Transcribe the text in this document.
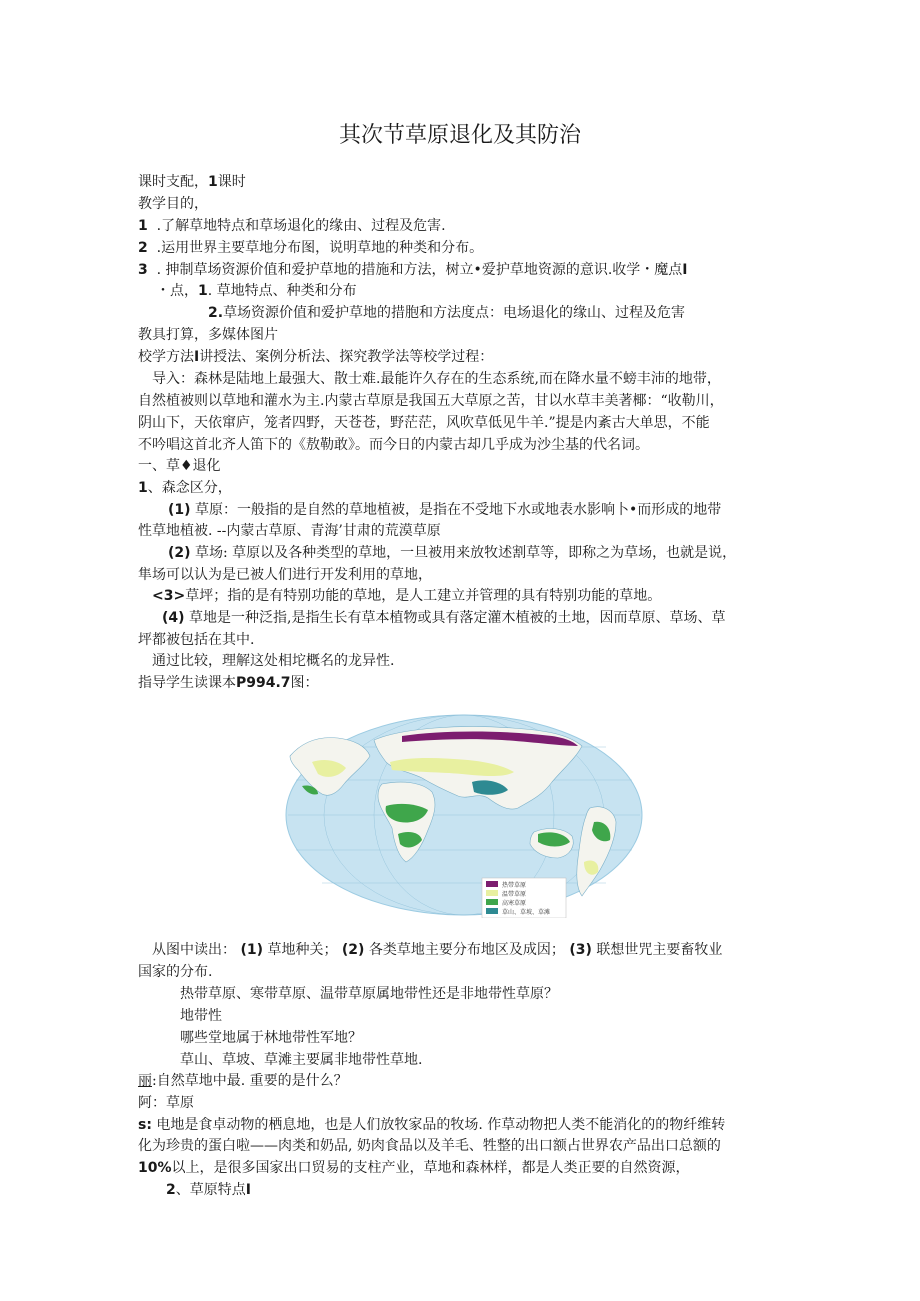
其次节草原退化及其防治
课时支配，1课时
教学目的，
1 .了解草地特点和草场退化的缘由、过程及危害.
2 .运用世界主要草地分布图，说明草地的种类和分布。
3 . 抻制草场资源价值和爱护草地的措施和方法，树立•爱护草地资源的意识.收学・魔点I
・点，1. 草地特点、种类和分布
2.草场资源价值和爱护草地的措胞和方法度点：电场退化的缘山、过程及危害
教具打算，多媒体图片
校学方法I讲授法、案例分析法、探究教学法等校学过程：
导入：森林是陆地上最强大、散士难.最能许久存在的生态系统,而在降水量不螃丰沛的地带，
自然植被则以草地和灌水为主.内蒙古草原是我国五大草原之苦，甘以水草丰美著椰：“收勒川，
阴山下，天依窜庐，笼者四野，天苍苍，野茫茫，风吹草低见牛羊.”提是内紊古大单思，不能
不吟唱这首北齐人笛下的《敖勒敢》。而今日的内蒙古却几乎成为沙尘基的代名词。
一、草♦退化
1、森念区分，
(1) 草原：一般指的是自然的草地植被，是指在不受地下水或地表水影响卜•而形成的地带
性草地植被. --内蒙古草原、青海’甘肃的荒漠草原
(2) 草场: 草原以及各种类型的草地，一旦被用来放牧述割草等，即称之为草场，也就是说，
隼场可以认为是已被人们进行开发利用的草地，
<3>草坪；指的是有特别功能的草地，是人工建立并管理的具有特别功能的草地。
(4) 草地是一种泛指,是指生长有草本植物或具有落定灌木植被的土地，因而草原、草场、草
坪都被包括在其中.
通过比较，理解这处相坨概名的龙异性.
指导学生读课本P994.7图：
热带草原
温带草原
高寒草原
草山、草坡、草滩
从图中读出： (1) 草地种关； (2) 各类草地主要分布地区及成因； (3) 联想世咒主要畜牧业
国家的分布.
热带草原、寒带草原、温带草原属地带性还是非地带性草原？
地带性
哪些堂地属于林地带性军地？
草山、草坡、草滩主要属非地带性草地.
丽:自然草地中最. 重要的是什么？
阿：草原
s: 电地是食卓动物的栖息地，也是人们放牧家品的牧场. 作草动物把人类不能消化的的物纤维转
化为珍贵的蛋白啦——肉类和奶品, 奶肉食品以及羊毛、牲整的出口额占世界农产品出口总额的
10%以上，是很多国家出口贸易的支柱产业，草地和森林样，都是人类正要的自然资源，
2、草原特点I
